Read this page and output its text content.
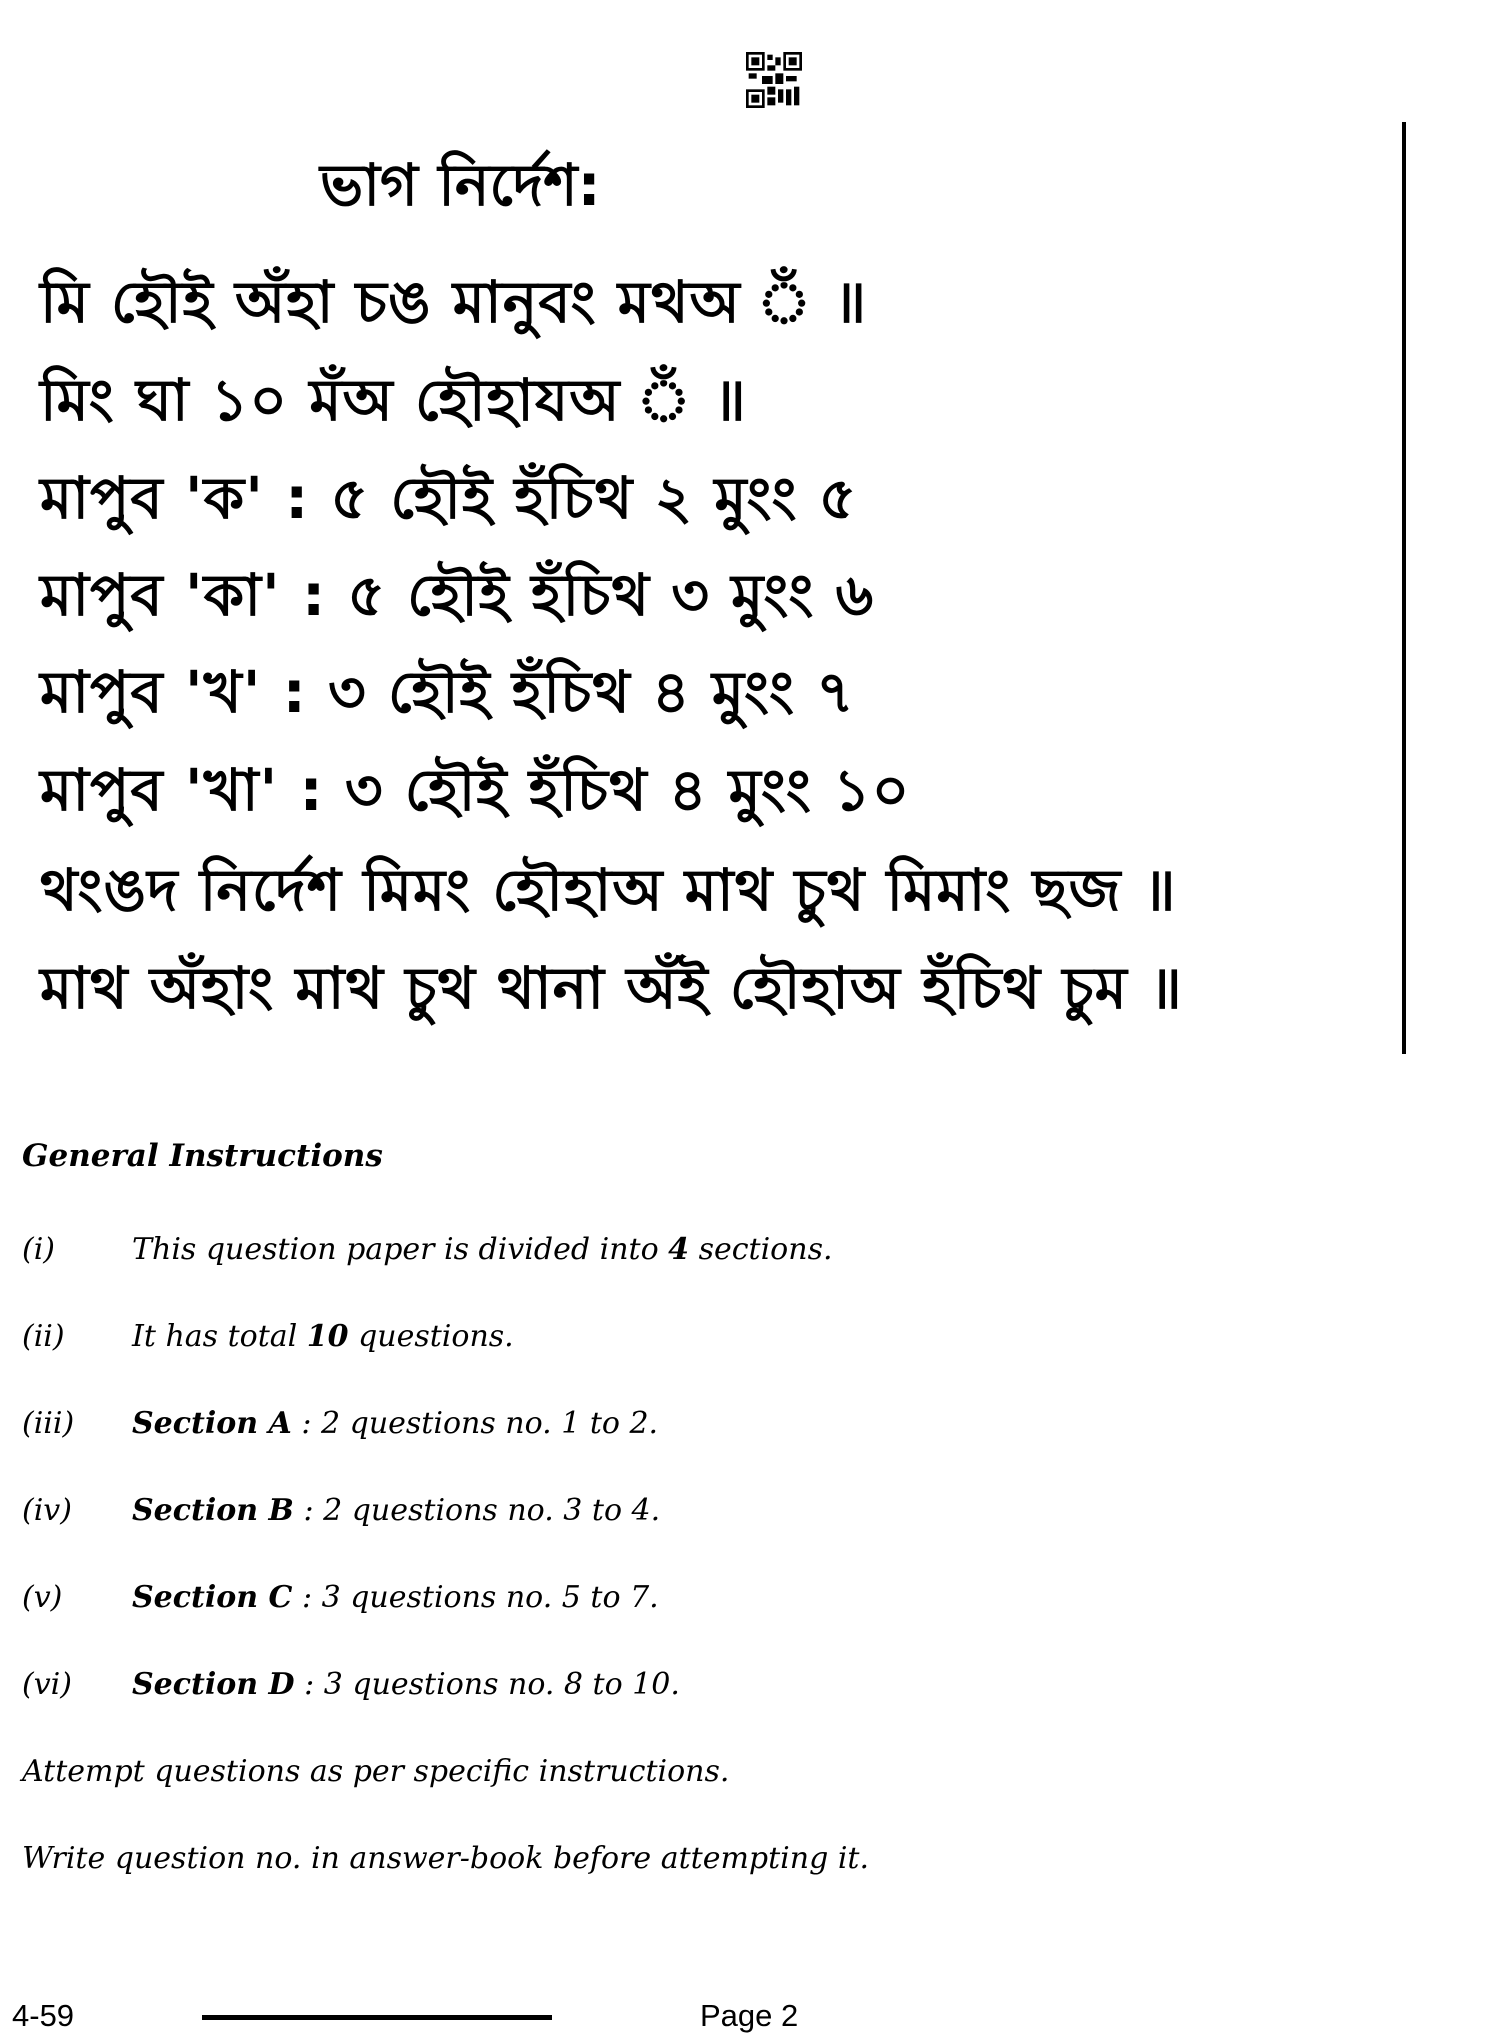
ভাগ নির্দেশ:
মি হৌই অঁহা চঙ মানুবং মথঅ ঁ ॥
মিং ঘা ১০ মঁঅ হৌহাযঅ ঁ ॥
মাপুব 'ক' : ৫ হৌই হঁচিথ ২ মুংং ৫
মাপুব 'কা' : ৫ হৌই হঁচিথ ৩ মুংং ৬
মাপুব 'খ' : ৩ হৌই হঁচিথ ৪ মুংং ৭
মাপুব 'খা' : ৩ হৌই হঁচিথ ৪ মুংং ১০
থংঙদ নির্দেশ মিমং হৌহাঅ মাথ চুথ মিমাং ছজ ॥
মাথ অঁহাং মাথ চুথ থানা অঁই হৌহাঅ হঁচিথ চুম ॥
General Instructions
(i)	This question paper is divided into 4 sections.
(ii) It has total 10 questions.
(iii) Section A : 2 questions no. 1 to 2.
(iv) Section B : 2 questions no. 3 to 4.
(v) Section C : 3 questions no. 5 to 7.
(vi) Section D : 3 questions no. 8 to 10.
Attempt questions as per specific instructions.
Write question no. in answer-book before attempting it.
4-59	Page 2
